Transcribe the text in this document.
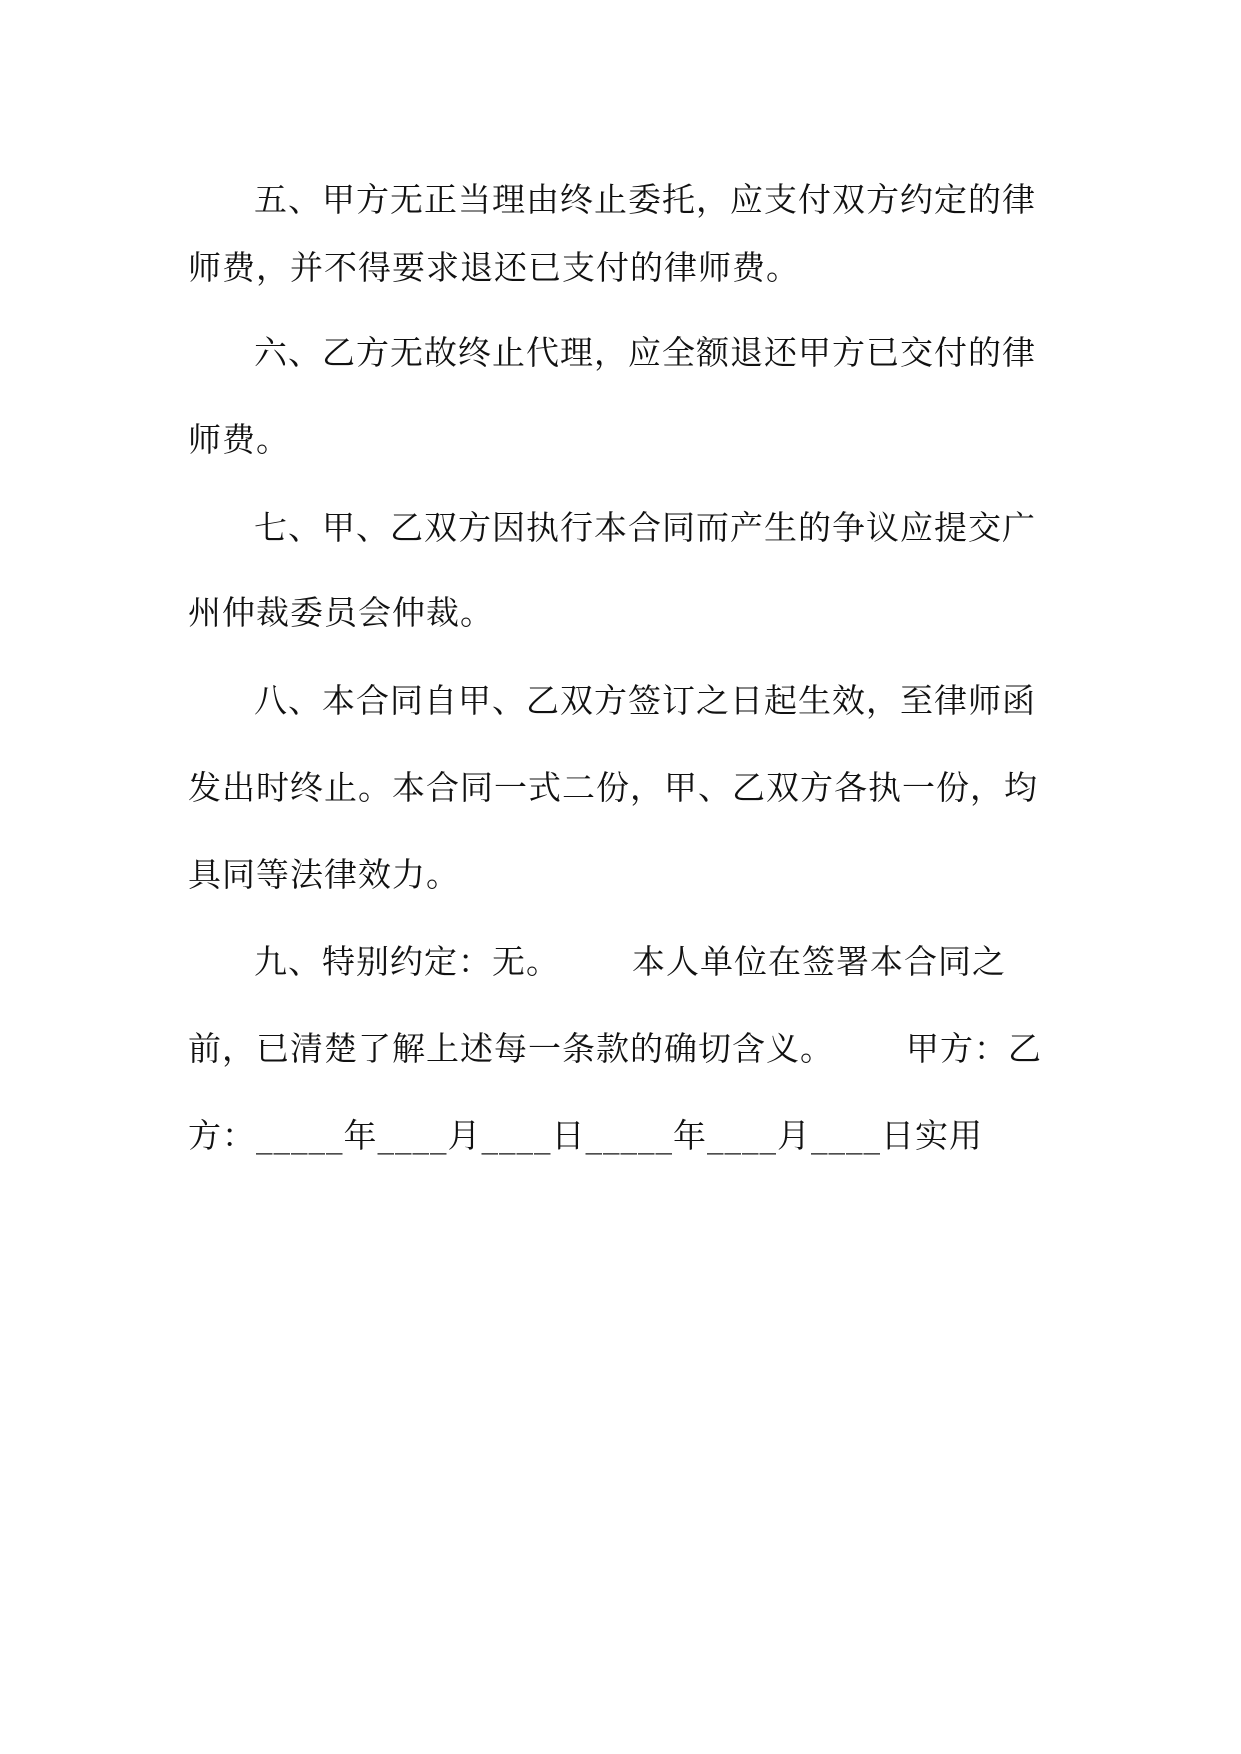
五、甲方无正当理由终止委托，应支付双方约定的律
师费，并不得要求退还已支付的律师费。
六、乙方无故终止代理，应全额退还甲方已交付的律
师费。
七、甲、乙双方因执行本合同而产生的争议应提交广
州仲裁委员会仲裁。
八、本合同自甲、乙双方签订之日起生效，至律师函
发出时终止。本合同一式二份，甲、乙双方各执一份，均
具同等法律效力。
九、特别约定：无。 本人单位在签署本合同之
前，已清楚了解上述每一条款的确切含义。 甲方：乙
方：_____年____月____日_____年____月____日实用
